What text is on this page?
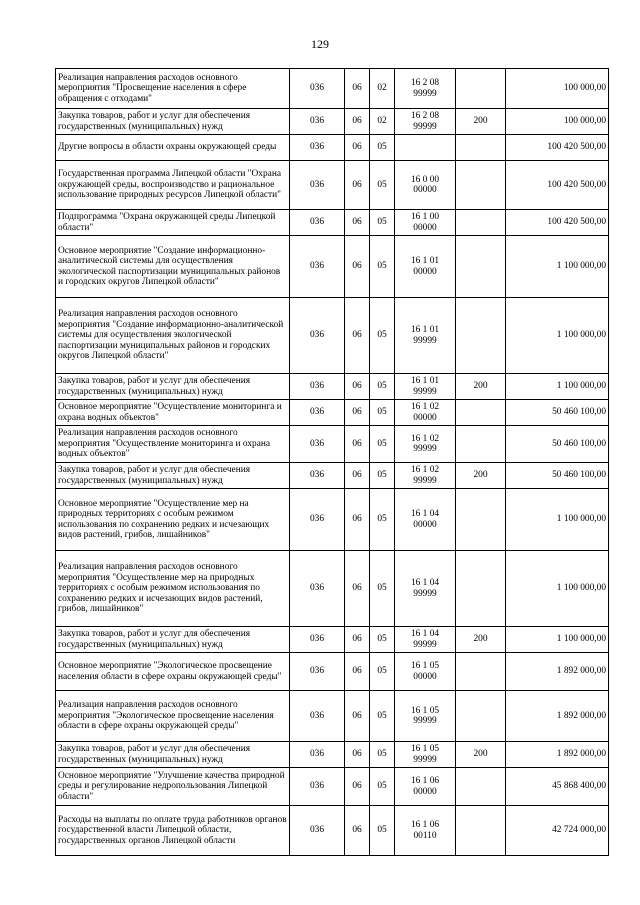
129
Реализация направления расходов основного мероприятия "Просвещение населения в сфере обращения с отходами"	036	06	02	16 2 08
99999		100 000,00
Закупка товаров, работ и услуг для обеспечения государственных (муниципальных) нужд	036	06	02	16 2 08
99999	200	100 000,00
Другие вопросы в области охраны окружающей среды	036	06	05			100 420 500,00
Государственная программа Липецкой области "Охрана окружающей среды, воспроизводство и рациональное использование природных ресурсов Липецкой области"	036	06	05	16 0 00
00000		100 420 500,00
Подпрограмма "Охрана окружающей среды Липецкой области"	036	06	05	16 1 00
00000		100 420 500,00
Основное мероприятие "Создание информационно-аналитической системы для осуществления экологической паспортизации муниципальных районов и городских округов Липецкой области"	036	06	05	16 1 01
00000		1 100 000,00
Реализация направления расходов основного мероприятия "Создание информационно-аналитической системы для осуществления экологической паспортизации муниципальных районов и городских округов Липецкой области"	036	06	05	16 1 01
99999		1 100 000,00
Закупка товаров, работ и услуг для обеспечения государственных (муниципальных) нужд	036	06	05	16 1 01
99999	200	1 100 000,00
Основное мероприятие "Осуществление мониторинга и охрана водных объектов"	036	06	05	16 1 02
00000		50 460 100,00
Реализация направления расходов основного мероприятия "Осуществление мониторинга и охрана водных объектов"	036	06	05	16 1 02
99999		50 460 100,00
Закупка товаров, работ и услуг для обеспечения государственных (муниципальных) нужд	036	06	05	16 1 02
99999	200	50 460 100,00
Основное мероприятие "Осуществление мер на природных территориях с особым режимом использования по сохранению редких и исчезающих видов растений, грибов, лишайников"	036	06	05	16 1 04
00000		1 100 000,00
Реализация направления расходов основного мероприятия "Осуществление мер на природных территориях с особым режимом использования по сохранению редких и исчезающих видов растений, грибов, лишайников"	036	06	05	16 1 04
99999		1 100 000,00
Закупка товаров, работ и услуг для обеспечения государственных (муниципальных) нужд	036	06	05	16 1 04
99999	200	1 100 000,00
Основное мероприятие "Экологическое просвещение населения области в сфере охраны окружающей среды"	036	06	05	16 1 05
00000		1 892 000,00
Реализация направления расходов основного мероприятия "Экологическое просвещение населения области в сфере охраны окружающей среды"	036	06	05	16 1 05
99999		1 892 000,00
Закупка товаров, работ и услуг для обеспечения государственных (муниципальных) нужд	036	06	05	16 1 05
99999	200	1 892 000,00
Основное мероприятие "Улучшение качества природной среды и регулирование недропользования Липецкой области"	036	06	05	16 1 06
00000		45 868 400,00
Расходы на выплаты по оплате труда работников органов государственной власти Липецкой области, государственных органов Липецкой области	036	06	05	16 1 06
00110		42 724 000,00
